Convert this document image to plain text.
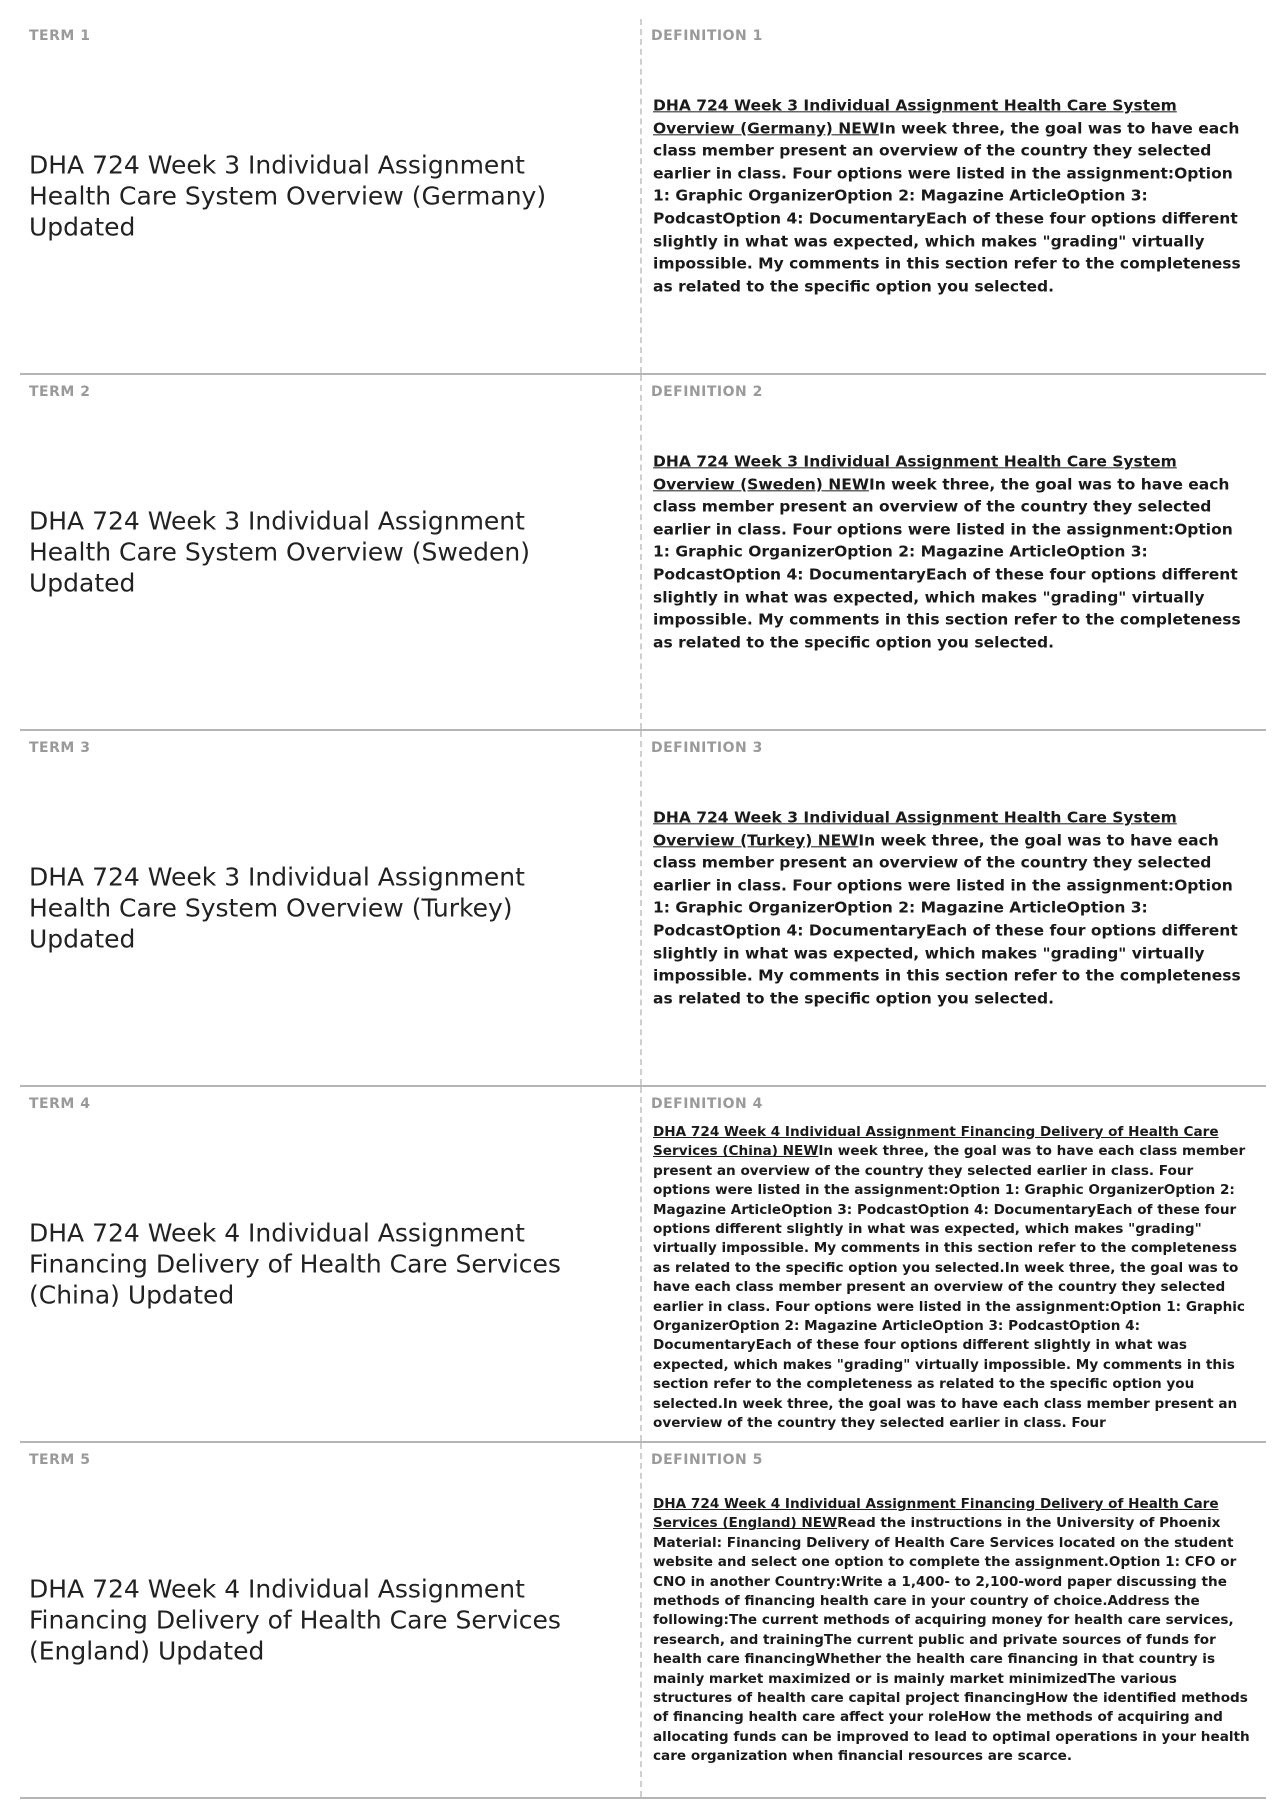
TERM 1
DHA 724 Week 3 Individual Assignment Health Care System Overview (Germany) Updated
DEFINITION 1
DHA 724 Week 3 Individual Assignment Health Care System Overview (Germany) NEWIn week three, the goal was to have each class member present an overview of the country they selected earlier in class. Four options were listed in the assignment:Option 1: Graphic OrganizerOption 2: Magazine ArticleOption 3: PodcastOption 4: DocumentaryEach of these four options different slightly in what was expected, which makes "grading" virtually impossible. My comments in this section refer to the completeness as related to the specific option you selected.
TERM 2
DHA 724 Week 3 Individual Assignment Health Care System Overview (Sweden) Updated
DEFINITION 2
DHA 724 Week 3 Individual Assignment Health Care System Overview (Sweden) NEWIn week three, the goal was to have each class member present an overview of the country they selected earlier in class. Four options were listed in the assignment:Option 1: Graphic OrganizerOption 2: Magazine ArticleOption 3: PodcastOption 4: DocumentaryEach of these four options different slightly in what was expected, which makes "grading" virtually impossible. My comments in this section refer to the completeness as related to the specific option you selected.
TERM 3
DHA 724 Week 3 Individual Assignment Health Care System Overview (Turkey) Updated
DEFINITION 3
DHA 724 Week 3 Individual Assignment Health Care System Overview (Turkey) NEWIn week three, the goal was to have each class member present an overview of the country they selected earlier in class. Four options were listed in the assignment:Option 1: Graphic OrganizerOption 2: Magazine ArticleOption 3: PodcastOption 4: DocumentaryEach of these four options different slightly in what was expected, which makes "grading" virtually impossible. My comments in this section refer to the completeness as related to the specific option you selected.
TERM 4
DHA 724 Week 4 Individual Assignment Financing Delivery of Health Care Services (China) Updated
DEFINITION 4
DHA 724 Week 4 Individual Assignment Financing Delivery of Health Care Services (China) NEWIn week three, the goal was to have each class member present an overview of the country they selected earlier in class. Four options were listed in the assignment:Option 1: Graphic OrganizerOption 2: Magazine ArticleOption 3: PodcastOption 4: DocumentaryEach of these four options different slightly in what was expected, which makes "grading" virtually impossible. My comments in this section refer to the completeness as related to the specific option you selected.In week three, the goal was to have each class member present an overview of the country they selected earlier in class. Four options were listed in the assignment:Option 1: Graphic OrganizerOption 2: Magazine ArticleOption 3: PodcastOption 4: DocumentaryEach of these four options different slightly in what was expected, which makes "grading" virtually impossible. My comments in this section refer to the completeness as related to the specific option you selected.In week three, the goal was to have each class member present an overview of the country they selected earlier in class. Four
TERM 5
DHA 724 Week 4 Individual Assignment Financing Delivery of Health Care Services (England) Updated
DEFINITION 5
DHA 724 Week 4 Individual Assignment Financing Delivery of Health Care Services (England) NEWRead the instructions in the University of Phoenix Material: Financing Delivery of Health Care Services located on the student website and select one option to complete the assignment.Option 1: CFO or CNO in another Country:Write a 1,400- to 2,100-word paper discussing the methods of financing health care in your country of choice.Address the following:The current methods of acquiring money for health care services, research, and trainingThe current public and private sources of funds for health care financingWhether the health care financing in that country is mainly market maximized or is mainly market minimizedThe various structures of health care capital project financingHow the identified methods of financing health care affect your roleHow the methods of acquiring and allocating funds can be improved to lead to optimal operations in your health care organization when financial resources are scarce.
